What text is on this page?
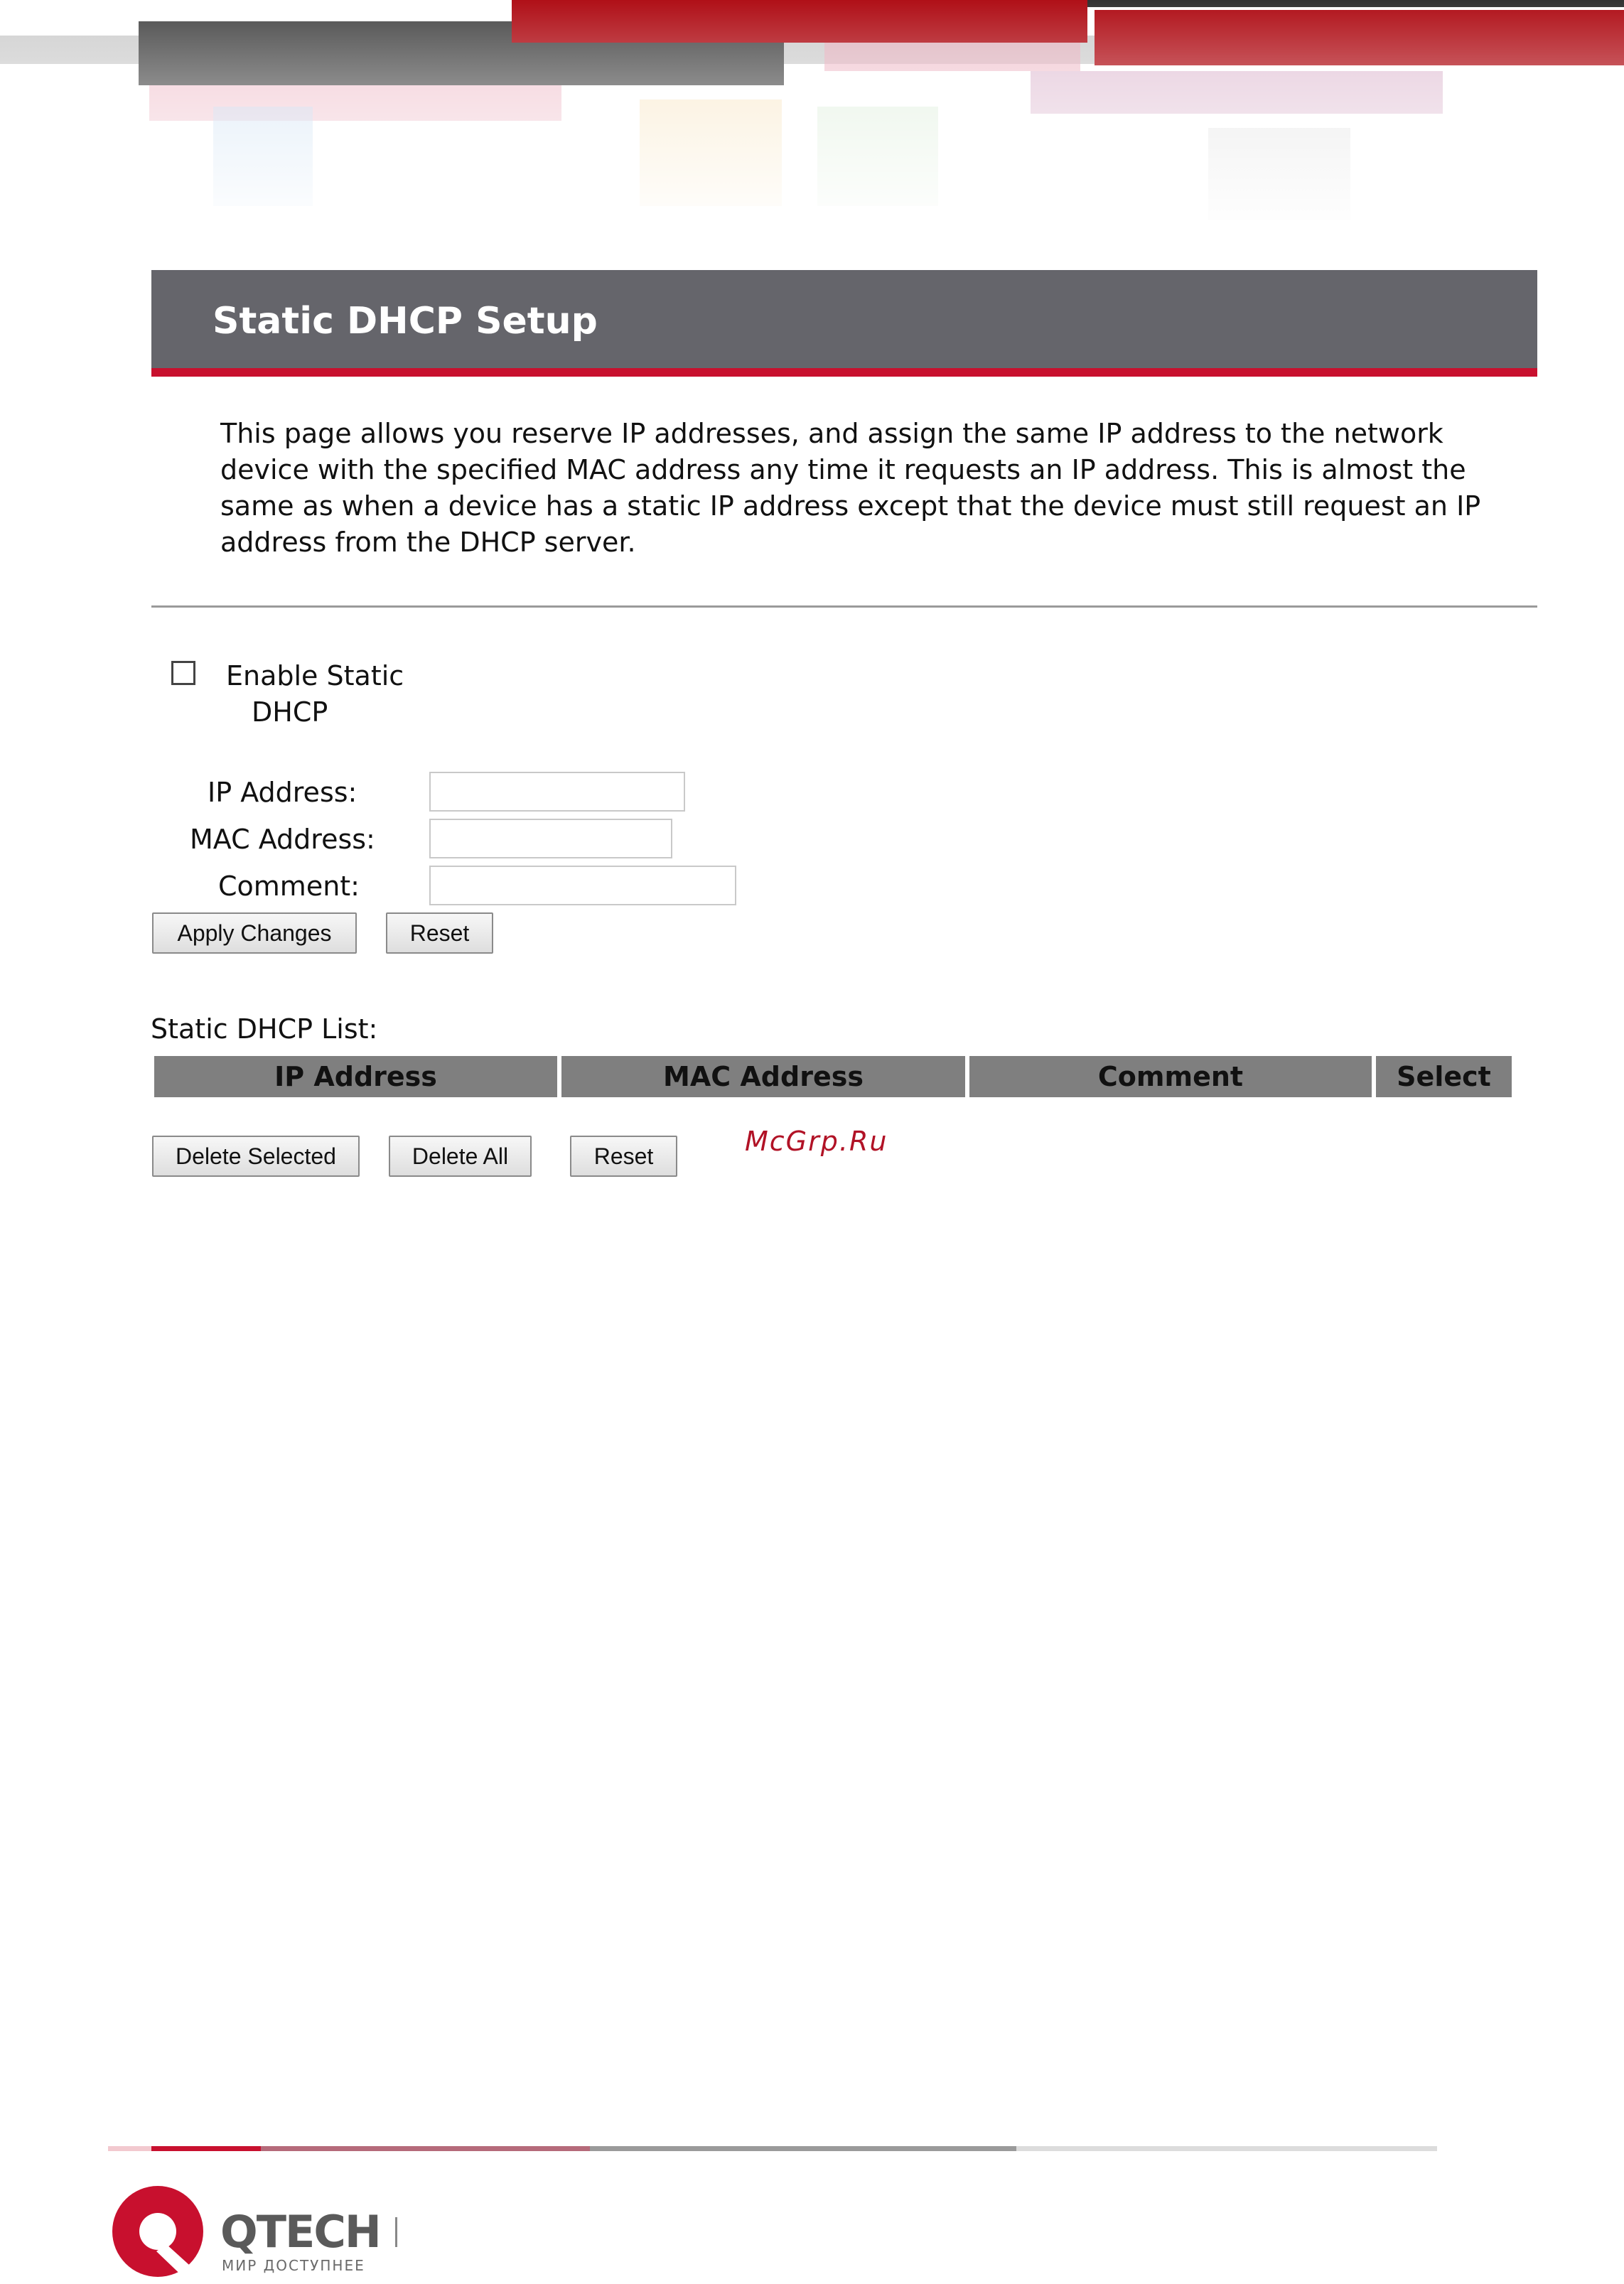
Static DHCP Setup
This page allows you reserve IP addresses, and assign the same IP address to the network device with the specified MAC address any time it requests an IP address. This is almost the same as when a device has a static IP address except that the device must still request an IP address from the DHCP server.
Enable Static
DHCP
IP Address:
MAC Address:
Comment:
Apply Changes	Reset
Static DHCP List:
IP Address	MAC Address	Comment	Select
Delete Selected	Delete All	Reset	McGrp.Ru
QTECH
МИР ДОСТУПНЕЕ
